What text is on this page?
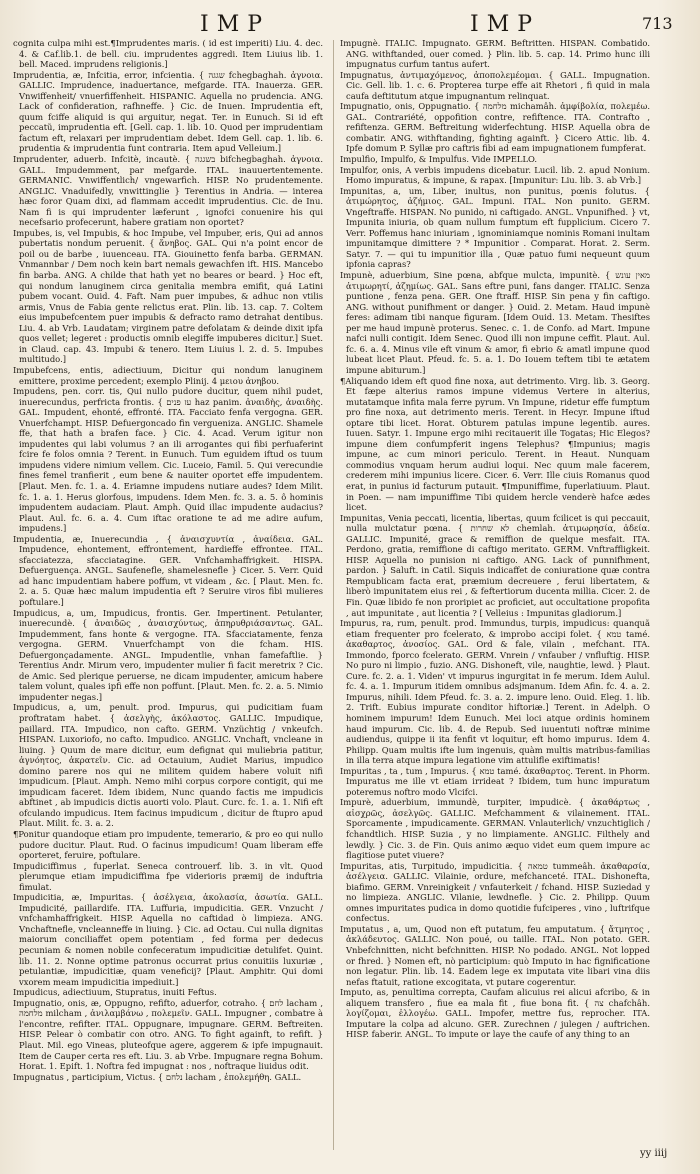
IMP	IMP	713

cognita culpa mihi est.¶Imprudentes maris. ( id est imperiti) Liu. 4. dec. 4. & Caf.lib.1. de bell. ciu. imprudentes aggredi. Item Liuius lib. 1. bell. Maced. imprudens religionis.]

Imprudentia, æ, Infcitia, error, infcientia. { שגגה fchegbaghah. ἀγνοια. GALLIC. Imprudence, inaduertance, mefgarde. ITA. Inauerza. GER. Vnwiffenheit/ vnuerfiffenheit. HISPANIC. Aquella no prudencia. ANG. Lack of confideration, rafhneffe. } Cic. de Inuen. Imprudentia eft, quum fciffe aliquid is qui arguitur, negat. Ter. in Eunuch. Si id eft peccatũ, imprudentia eft. [Gell. cap. 1. lib. 10. Quod per imprudentiam factum eft, relaxari per imprudentiam debet. Idem Gell. cap. 1. lib. 6. prudentia & imprudentia funt contraria. Item apud Velleium.]

Imprudenter, aduerb. Infcitè, incautè. { בשגגה bifchegbaghah. ἀγνοια. GALL. Impudemment, par mefgarde. ITAL. inauuertentemente. GERMANIC. Vnwiffentlich/ vngewarfich. HISP. No prudentemente. ANGLIC. Vnaduifedly, vnwittinglie } Terentius in Andria. — interea hæc foror Quam dixi, ad flammam accedit imprudentius. Cic. de Inu. Nam fi is qui imprudenter læferunt , ignofci conuenire his qui necefsario profecerunt, habere gratiam non oportet?

Impubes, is, vel Impubis, & hoc Impube, vel Impuber, eris, Qui ad annos pubertatis nondum peruenit. { ἄνηβος. GAL. Qui n'a point encor de poil ou de barbe , iuuenceau. ITA. Giouinetto fenfa barba. GERMAN. Vnmannbar / Dem noch kein bart nemals gewachfen ift. HIS. Mancebo fin barba. ANG. A childe that hath yet no beares or beard. } Hoc eft, qui nondum lanuginem circa genitalia membra emifit, quá Latini pubem vocant. Ouid. 4. Faft. Nam puer impubes, & adhuc non vtilis armis, Vnus de Fabia gente relictus erat. Plin. lib. 13. cap. 7. Coltem eius impubefcentem puer impubis & defracto ramo detrahat dentibus. Liu. 4. ab Vrb. Laudatam; virginem patre defolatam & deinde dixit ipfa quos vellet; legeret : productis omnib elegiffe impuberes dicitur.] Suet. in Claud. cap. 43. Impubi & tenero. Item Liuius l. 2. d. 5. Impubes multitudo.]

Impubefcens, entis, adiectiuum, Dicitur qui nondum lanuginem emittere, proxime percedent; exemplo Plinij. 4 μειου ἀνηβου.

Impudens, pen. corr. tis, Qui nullo pudore ducitur, quem nihil pudet, inuerecundus, perfricta frontis. { עז פנים haz panim. ἀναιδὴς, ἀναιδὴς. GAL. Impudent, ehonté, effronté. ITA. Facciato fenfa vergogna. GER. Vnuerfchampt. HISP. Defuergoncado fin vergueniza. ANGLIC. Shamele ffe, that hath a brafen face. } Cic. 4. Acad. Verum igitur non impudentes qui labi volumus ? an ili arrogantes qui fibi perfuaferint fcire fe folos omnia ? Terent. in Eunuch. Tum eguidem iftud os tuum impudens videre nimium vellem. Cic. Luceio, Famil. 5. Qui verecundie fines femel tranfierit , eum bene & nauiter oportet effe impudentem. [Plaut. Men. fc. 1. a. 4. Eriamne impudens nutiare audes? Idem Milit. fc. 1. a. 1. Herus glorfous, impudens. Idem Men. fc. 3. a. 5. ô hominis impudentem audaciam. Plaut. Amph. Quid illac impudente audacius? Plaut. Aul. fc. 6. a. 4. Cum iftac oratione te ad me adire aufum, impudens.]

Impudentia, æ, Inuerecundia , { ἀναισχυντία , ἀναίδεια. GAL. Impudence, ehontement, effrontement, hardieffe effrontee. ITAL. sfacciatezza, sfacciatagine. GER. Vnfchamhaffrigkeit. HISPA. Defuerguença. ANGL. Saufenefle, shamelesnefle } Cicer. 5. Verr. Quid ad hanc impudentiam habere poffum, vt videam , &c. [ Plaut. Men. fc. 2. a. 5. Quæ hæc malum impudentia eft ? Seruire viros fibi mulieres poftulare.]

Impudicus, a, um, Impudicus, frontis. Ger. Impertinent. Petulanter, inuerecundè. { ἀναιδῶς , ἀναισχύντως, ἀπηρυθριάσαντως. GAL. Impudemment, fans honte & vergogne. ITA. Sfacciatamente, fenza vergogna. GERM. Vnuerfchampt von die fcham. HIS. Defuergonçadamente. ANGL. Impudentlie, vnhan famefaftlie. } Terentius Andr. Mirum vero, impudenter mulier fi facit meretrix ? Cic. de Amic. Sed plerique peruerse, ne dicam impudenter, amicum habere talem volunt, quales ipfi effe non poffunt. [Plaut. Men. fc. 2. a. 5. Nimio impudenter negas.]

Impudicus, a, um, penult. prod. Impurus, qui pudicitiam fuam proftratam habet. { ἀσελγὴς, ἀκόλαστος. GALLIC. Impudique, paillard. ITA. Impudico, non cafto. GERM. Vnzüchtig / vnkeufch. HISPAN. Luxoriofo, no cafto. Impudico. ANGLIC. Vnchaft, vncleane in liuing. } Quum de mare dicitur, eum defignat qui muliebria patitur, ἀγνόητος, ἀκρατεῖν. Cic. ad Octauium, Audiet Marius, impudico domino parere nos qui ne militem quidem habere voluit nifi impudicum. [Plaut. Amph. Nemo mihi corpus corpore contigit, qui me impudicam faceret. Idem ibidem, Nunc quando factis me impudicis abftinet , ab impudicis dictis auorti volo. Plaut. Curc. fc. 1. a. 1. Nifi eft ofculando impudicus. Item facinus impudicum , dicitur de ftupro apud Plaut. Milit. fc. 3. a. 2.

¶Ponitur quandoque etiam pro impudente, temerario, & pro eo qui nullo pudore ducitur. Plaut. Rud. O facinus impudicum! Quam liberam effe oporteret, feruire, poftulare.

Impudiciffimus , fuperlat. Seneca controuerf. lib. 3. in vlt. Quod plerumque etiam impudiciffima fpe viderioris præmij de induftria fimulat.

Impudicitia, æ, Impuritas. { ἀσέλγεια, ἀκολασία, ἀσωτία. GALL. Impudicité, paillardife. ITA. Luffuria, impudicitia. GER. Vnzucht / vnfchamhaffrigkeit. HISP. Aquella no caftidad ò limpieza. ANG. Vnchaftnefle, vncleanneffe in liuing. } Cic. ad Octau. Cui nulla dignitas maiorum conciliaffet opem potentiam , fed forma per dedecus pecuniam & nomen nobile confeceratum impudicitiæ detulifet. Quint. lib. 11. 2. Nonne optime patronus occurrat prius conuitiis luxuriæ , petulantiæ, impudicitiæ, quam veneficij? [Plaut. Amphitr. Qui domi vxorem meam impudicitia impediuit.]

Impudicus, adiectiuum, Stupratus, inuiti Feftus.

Impugnatio, onis, æ, Oppugno, refifto, aduerfor, cotraho. { לחם lacham , מלחמה milcham , ἀνιλαμβάνω , πολεμεῖν. GALL. Impugner , combatre à l'encontre, refifter. ITAL. Oppugnare, impugnare. GERM. Beftreiten. HISP. Pelear ò combatir con otro. ANG. To fight againft, to refift. } Plaut. Mil. ego Vineas, pluteofque agere, aggerem & ipfe impugnauit. Item de Cauper certa res eft. Liu. 3. ab Vrbe. Impugnare regna Bohum. Horat. 1. Epift. 1. Noftra fed impugnat : nos , noftraque liuidus odit.

Impugnatus , participium, Victus. { נלחם lacham , ἐπολεμήθη. GALL.

Impugnè. ITALIC. Impugnato. GERM. Beftritten. HISPAN. Combatido. ANG. withftanded, ouer comed. } Plin. lib. 5. cap. 14. Primo hunc illi impugnatus curfum tantus aufert.

Impugnatus, ἀντιμαχόμενος, ἀποπολεμέομαι. { GALL. Impugnation. Cic. Gell. lib. 1. c. 6. Propterea turpe effe ait Rhetori , fi quid in mala caufa deftitutum atque impugnantum relinquat.

Impugnatio, onis, Oppugnatio. { מלחמה michamâh. ἀμφίβολία, πολεμέω. GAL. Contrariété, oppofition contre, refiftence. ITA. Contrafto , refiftenza. GERM. Beftreitung widerfechtung. HISP. Aquella obra de combatir. ANG. withftanding, fighting againft. } Cicero Attic. lib. 4. Ipfe domum P. Syllæ pro caftris fibi ad eam impugnationem fumpferat.

Impulfio, Impulfo, & Impulfus. Vide IMPELLO.

Impulfor, onis, A verbis impudens dicebatur. Lucil. lib. 2. apud Nonium. Homo impuratus, & impune, & rapax. [Impunitur: Liu. lib. 3. ab Vrb.]

Impunitas, a, um, Liber, inultus, non punitus, pœnis folutus. { ἀτιμώρητος, ἀζήμιος. GAL. Impuni. ITAL. Non punito. GERM. Vngeftraffe. HISPAN. No punido, ni caftigado. ANGL. Vnpunifhed. } vt, Impunita iniuria, ob quam nullum fumptum eft fupplicium. Cicero 7. Verr. Poffemus hanc iniuriam , ignominiamque nominis Romani inultam impunitamque dimittere ? * Impunitior . Comparat. Horat. 2. Serm. Satyr. 7. — qui tu impunitior illa , Quæ patuo fumi nequeunt quum ipfonia capras?

Impunè, aduerbium, Sine pœna, abfque mulcta, impunitè. { מאין עונש ἀτιμωρητί, ἀζημίως. GAL. Sans eftre puni, fans danger. ITALIC. Senza puntione , fenza pena. GER. One ftraff. HISP. Sin pena y fin caftigo. ANG. without punifhment or danger. } Ouid. 2. Metam. Haud impunè feres: adimam tibi nanque figuram. [Idem Ouid. 13. Metam. Thesiftes per me haud impunè proterus. Senec. c. 1. de Confo. ad Mart. Impune nafci nulli contigit. Idem Senec. Quod illi non impune ceffit. Plaut. Aul. fc. 6. a. 4. Minus vile eft vinum & amor, fi ebrio & amatl impune quod lubeat licet Plaut. Pfeud. fc. 5. a. 1. Do Iouem teftem tibi te ætatem impune abiturum.]

¶Aliquando idem eft quod fine noxa, aut detrimento. Virg. lib. 3. Georg. Et fæpe alterius ramos impune videmus Vertere in alterius, mutatamque infita mala ferre pyrum. Vn Impune, ridetur effe fumptum pro fine noxa, aut detrimento meris. Terent. in Hecyr. Impune iftud optare tibi licet. Horat. Obturem patulas impune legentib. aures. Iuuen. Satyr. 1. Impune ergo mihi recitauerit ille Togatas; Hic Elegos? impune diem confumpferit ingens Telephus? ¶Impunius; magis impune, ac cum minori periculo. Terent. in Heaut. Nunquam commodius vnquam herum audiui loqui. Nec quum male facerem, crederem mihi impunius licere. Cicer. 6. Verr. Ille ciuis Romanus quod erat, in punius id facturum putauit. ¶Impuniffime, fuperlatiuum. Plaut. in Poen. — nam impuniffime Tibi quidem hercle venderè hafce ædes licet.

Impunitas, Venia peccati, licentia, libertas, quum fcilicet is qui peccauit, nulla mulctatur pœna. { לא שחרות chemlah. ἀτιμωρησία, ἀδεία. GALLIC. Impunité, grace & remiffion de quelque mesfait. ITA. Perdono, gratia, remiffione di caftigo meritato. GERM. Vnftraffligkeit. HISP. Aquella no punision ni caftigo. ANG. Lack of punnifhment, pardon. } Saluft. in Catil. Siquis indicaffet de coniuratione quæ contra Rempublicam facta erat, præmium decreuere , ferui libertatem, & liberò impunitatem eius rei , & feftertiorum ducenta millia. Cicer. 2. de Fin. Quæ libido fe non proripiet ac proficiet, aut occultatione propofita , aut impunitate , aut licentia ? [ Velleius : Impunitas gladiorum.]

Impurus, ra, rum, penult. prod. Immundus, turpis, impudicus: quanquã etiam frequenter pro fcelerato, & improbo accipi folet. { טמא tamé. ἀκαθαρτος, ἀνοσίος. GAL. Ord & fale, vilain , mefchant. ITA. Immondo, fporco fcelerato. GERM. Vnrein / vnfauber / vnfluftig. HISP. No puro ni limpio , fuzio. ANG. Dishoneft, vile, naughtie, lewd. } Plaut. Cure. fc. 2. a. 1. Viden' vt impurus ingurgitat in fe merum. Idem Aulul. fc. 4. a. 1. Impurum itidem omnibus adsjmanum. Idem Afin. fc. 4. a. 2. Impurus, nihili. Idem Pfeud. fc. 3. a. 2. impure leno. Ouid. Eleg. 1. lib. 2. Trift. Eubius impurate conditor hiftoriæ.] Terent. in Adelph. O hominem impurum! Idem Eunuch. Mei loci atque ordinis hominem haud impurum. Cic. lib. 4. de Repub. Sed iuuentuti noftræ minime audiendus, quippe ii ita fenfit vt loquitur, eft homo impurus. Idem 4. Philipp. Quam multis ifte lum ingenuis, quàm multis matribus-familias in illa terra atque impura legatione vim attulifle exiftimatis!

Impuritas , ta , tum , Impurus. { טמא tamé. ἀκαθαρτος. Terent. in Phorm. Impuratus me ille vt etiam irrideat ? Ibidem, tum hunc impuratum poteremus noftro modo Vlcifci.

Impurè, aduerbium, immundè, turpiter, impudicè. { ἀκαθάρτως , αἰσχρῶς, ἀσελγῶς. GALLIC. Mefchamment & vilainement. ITAL. Sporcamente , impudicamente. GERMAN. Vnlauterlich/ vnzuchtiglich / fchandtlich. HISP. Suzia , y no limpiamente. ANGLIC. Filthely and lewdly. } Cic. 3. de Fin. Quis animo æquo videt eum quem impure ac flagitiose putet viuere?

Impuritas, atis, Turpitudo, impudicitia. { טמאה tummeâh. ἀκαθαρσία, ἀσέλγεια. GALLIC. Vilainie, ordure, mefchanceté. ITAL. Dishonefta, biafimo. GERM. Vnreinigkeit / vnfauterkeit / fchand. HISP. Suziedad y no limpieza. ANGLIC. Vilanie, lewdnefle. } Cic. 2. Philipp. Quum omnes impuritates pudica in domo quotidie fufciperes , vino , luftrifque confectus.

Imputatus , a, um, Quod non eft putatum, feu amputatum. { ἄτμητος , ἀκλάδευτος. GALLIC. Non poué, ou taille. ITAL. Non potato. GER. Vnbefchnitten, nicht befchnitten. HISP. No podado. ANGL. Not lopped or fhred. } Nomen eft, nò participium: quò Imputo in hac fignificatione non legatur. Plin. lib. 14. Eadem lege ex imputata vite libari vina diis nefas ftatuit, ratione excogitata, vt putare cogerentur.

Imputo, as, penultima correpta, Caufam alicuius rei alicui afcribo, & in aliquem transfero , fiue ea mala fit , fiue bona fit. { צה chafchâh. λογίζομαι, ἐλλογέω. GALL. Impofer, mettre fus, reprocher. ITA. Imputare la colpa ad alcuno. GER. Zurechnen / julegen / auftrichen. HISP. faberir. ANGL. To impute or laye the caufe of any thing to an

yy iiij
